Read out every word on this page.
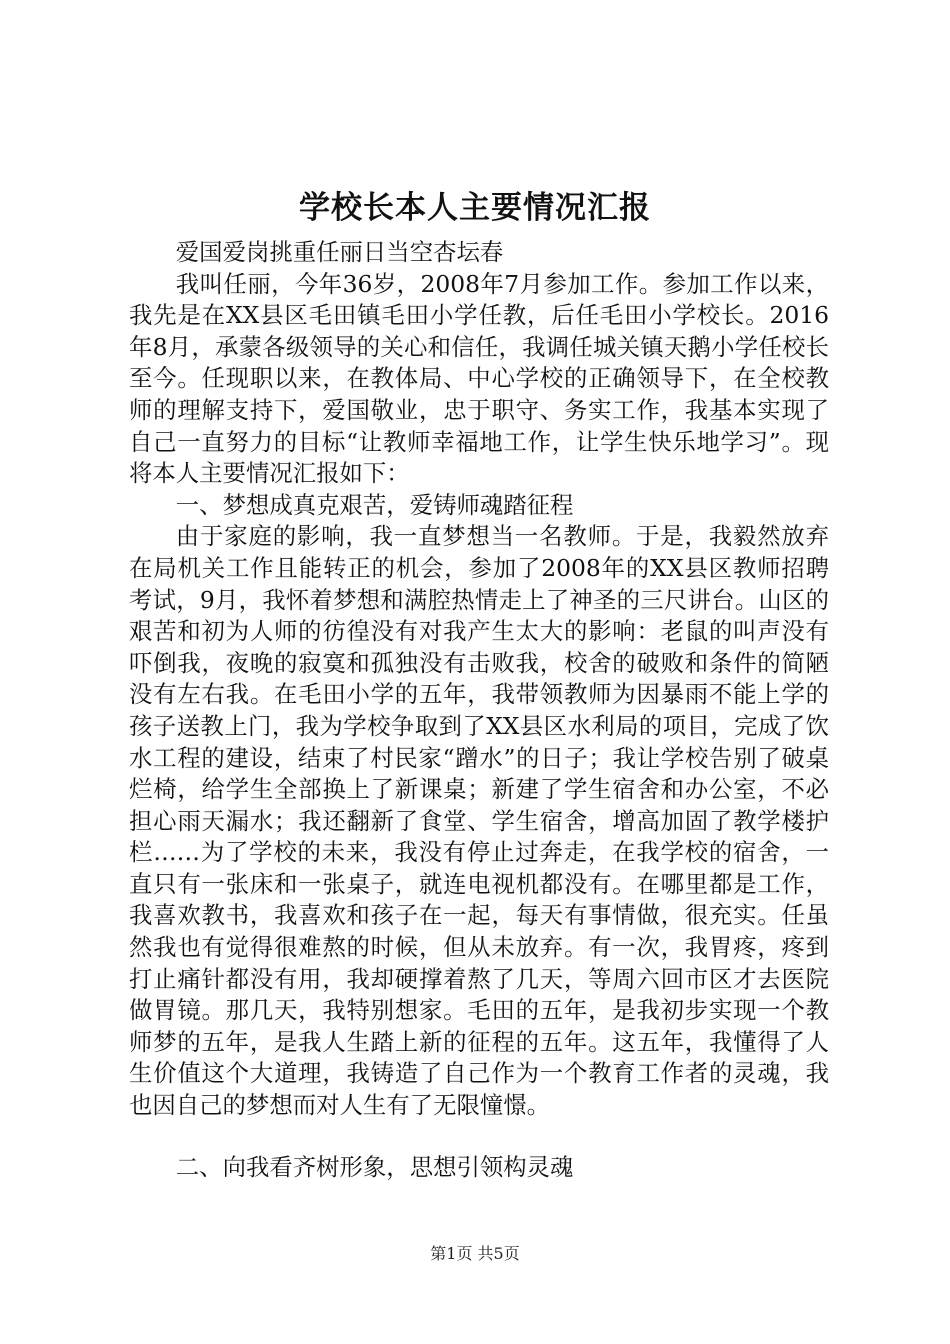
学校长本人主要情况汇报

爱国爱岗挑重任丽日当空杏坛春

我叫任丽，今年36岁，2008年7月参加工作。参加工作以来，我先是在XX县区毛田镇毛田小学任教，后任毛田小学校长。2016年8月，承蒙各级领导的关心和信任，我调任城关镇天鹅小学任校长至今。任现职以来，在教体局、中心学校的正确领导下，在全校教师的理解支持下，爱国敬业，忠于职守、务实工作，我基本实现了自己一直努力的目标“让教师幸福地工作，让学生快乐地学习”。现将本人主要情况汇报如下：

一、梦想成真克艰苦，爱铸师魂踏征程

由于家庭的影响，我一直梦想当一名教师。于是，我毅然放弃在局机关工作且能转正的机会，参加了2008年的XX县区教师招聘考试，9月，我怀着梦想和满腔热情走上了神圣的三尺讲台。山区的艰苦和初为人师的彷徨没有对我产生太大的影响：老鼠的叫声没有吓倒我，夜晚的寂寞和孤独没有击败我，校舍的破败和条件的简陋没有左右我。在毛田小学的五年，我带领教师为因暴雨不能上学的孩子送教上门，我为学校争取到了XX县区水利局的项目，完成了饮水工程的建设，结束了村民家“蹭水”的日子；我让学校告别了破桌烂椅，给学生全部换上了新课桌；新建了学生宿舍和办公室，不必担心雨天漏水；我还翻新了食堂、学生宿舍，增高加固了教学楼护栏……为了学校的未来，我没有停止过奔走，在我学校的宿舍，一直只有一张床和一张桌子，就连电视机都没有。在哪里都是工作，我喜欢教书，我喜欢和孩子在一起，每天有事情做，很充实。任虽然我也有觉得很难熬的时候，但从未放弃。有一次，我胃疼，疼到打止痛针都没有用，我却硬撑着熬了几天，等周六回市区才去医院做胃镜。那几天，我特别想家。毛田的五年，是我初步实现一个教师梦的五年，是我人生踏上新的征程的五年。这五年，我懂得了人生价值这个大道理，我铸造了自己作为一个教育工作者的灵魂，我也因自己的梦想而对人生有了无限憧憬。

二、向我看齐树形象，思想引领构灵魂

第1页 共5页
